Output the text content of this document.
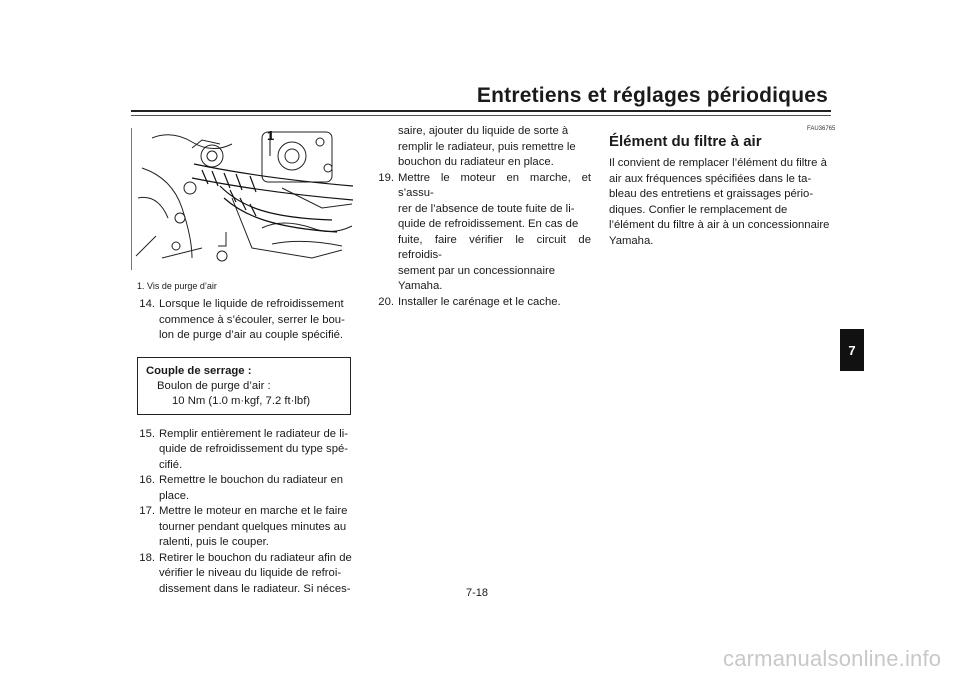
Entretiens et réglages périodiques
1
1. Vis de purge d’air
14. Lorsque le liquide de refroidissement
commence à s’écouler, serrer le bou-
lon de purge d’air au couple spécifié.
Couple de serrage :
Boulon de purge d’air :
10 Nm (1.0 m·kgf, 7.2 ft·lbf)
15. Remplir entièrement le radiateur de li-
quide de refroidissement du type spé-
cifié.
16. Remettre le bouchon du radiateur en
place.
17. Mettre le moteur en marche et le faire
tourner pendant quelques minutes au
ralenti, puis le couper.
18. Retirer le bouchon du radiateur afin de
vérifier le niveau du liquide de refroi-
dissement dans le radiateur. Si néces-
saire, ajouter du liquide de sorte à
remplir le radiateur, puis remettre le
bouchon du radiateur en place.
19. Mettre le moteur en marche, et s’assu-
rer de l’absence de toute fuite de li-
quide de refroidissement. En cas de
fuite, faire vérifier le circuit de refroidis-
sement par un concessionnaire
Yamaha.
20. Installer le carénage et le cache.
FAU36765
Élément du filtre à air

Il convient de remplacer l’élément du filtre à
air aux fréquences spécifiées dans le ta-
bleau des entretiens et graissages pério-
diques. Confier le remplacement de
l’élément du filtre à air à un concessionnaire
Yamaha.

7
7-18
carmanualsonline.info
